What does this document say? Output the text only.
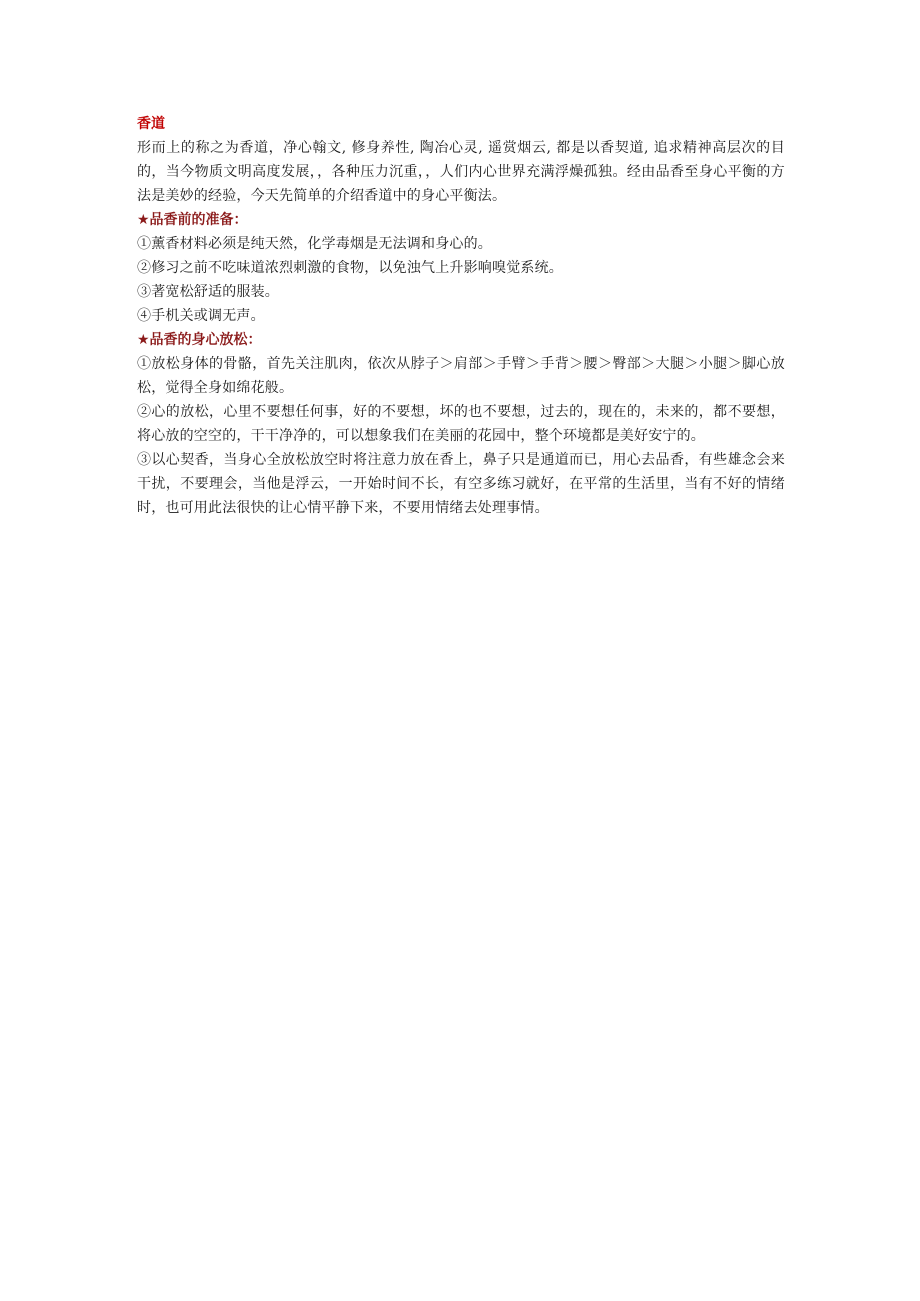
香道

形而上的称之为香道，净心翰文, 修身养性, 陶冶心灵, 遥赏烟云, 都是以香契道, 追求精神高层次的目的，当今物质文明高度发展，，各种压力沉重，，人们内心世界充满浮燥孤独。经由品香至身心平衡的方法是美妙的经验，今天先简单的介绍香道中的身心平衡法。

★品香前的准备：

①薰香材料必须是纯天然，化学毒烟是无法调和身心的。

②修习之前不吃味道浓烈刺激的食物，以免浊气上升影响嗅觉系统。

③著宽松舒适的服装。

④手机关或调无声。

★品香的身心放松：

①放松身体的骨骼，首先关注肌肉，依次从脖子＞肩部＞手臂＞手背＞腰＞臀部＞大腿＞小腿＞脚心放松，觉得全身如绵花般。

②心的放松，心里不要想任何事，好的不要想，坏的也不要想，过去的，现在的，未来的，都不要想，将心放的空空的，干干净净的，可以想象我们在美丽的花园中，整个环境都是美好安宁的。

③以心契香，当身心全放松放空时将注意力放在香上，鼻子只是通道而已，用心去品香，有些雄念会来干扰，不要理会，当他是浮云，一开始时间不长，有空多练习就好，在平常的生活里，当有不好的情绪时，也可用此法很快的让心情平静下来，不要用情绪去处理事情。
